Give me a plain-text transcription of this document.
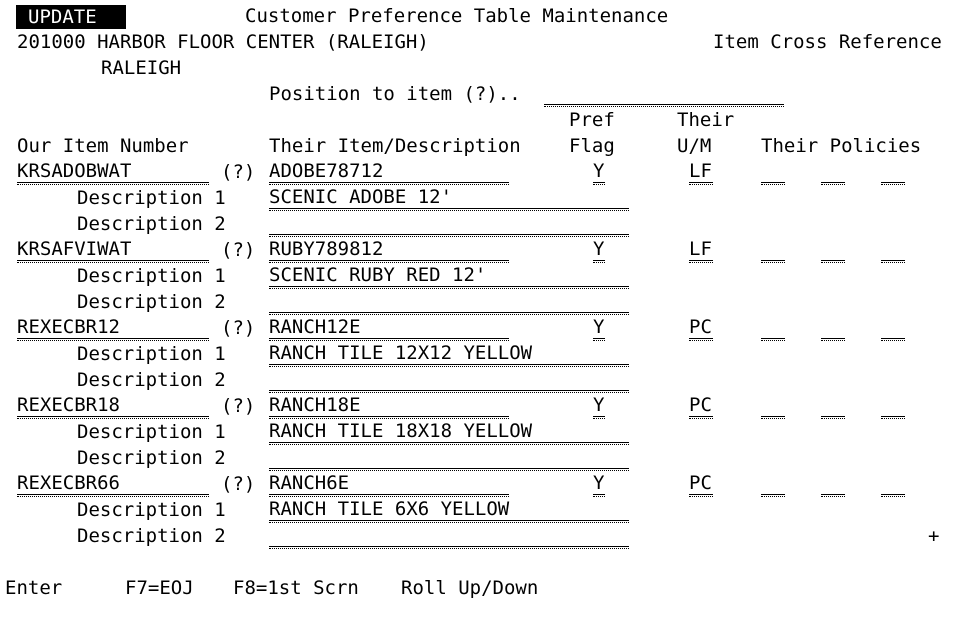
UPDATE	Customer Preference Table Maintenance
201000 HARBOR FLOOR CENTER (RALEIGH)	Item Cross Reference
RALEIGH
Position to item (?)..

Pref	Their
Our Item Number	Their Item/Description	Flag	U/M	Their Policies
KRSADOBWAT	(?) ADOBE78712	Y	LF
Description 1 SCENIC ADOBE 12'
Description 2
KRSAFVIWAT	(?) RUBY789812	Y	LF
Description 1 SCENIC RUBY RED 12'
Description 2
REXECBR12	(?) RANCH12E	Y	PC
Description 1 RANCH TILE 12X12 YELLOW
Description 2
REXECBR18	(?) RANCH18E	Y	PC
Description 1 RANCH TILE 18X18 YELLOW
Description 2
REXECBR66	(?) RANCH6E	Y	PC
Description 1 RANCH TILE 6X6 YELLOW
Description 2	+
Enter	F7=EOJ F8=1st Scrn Roll Up/Down
